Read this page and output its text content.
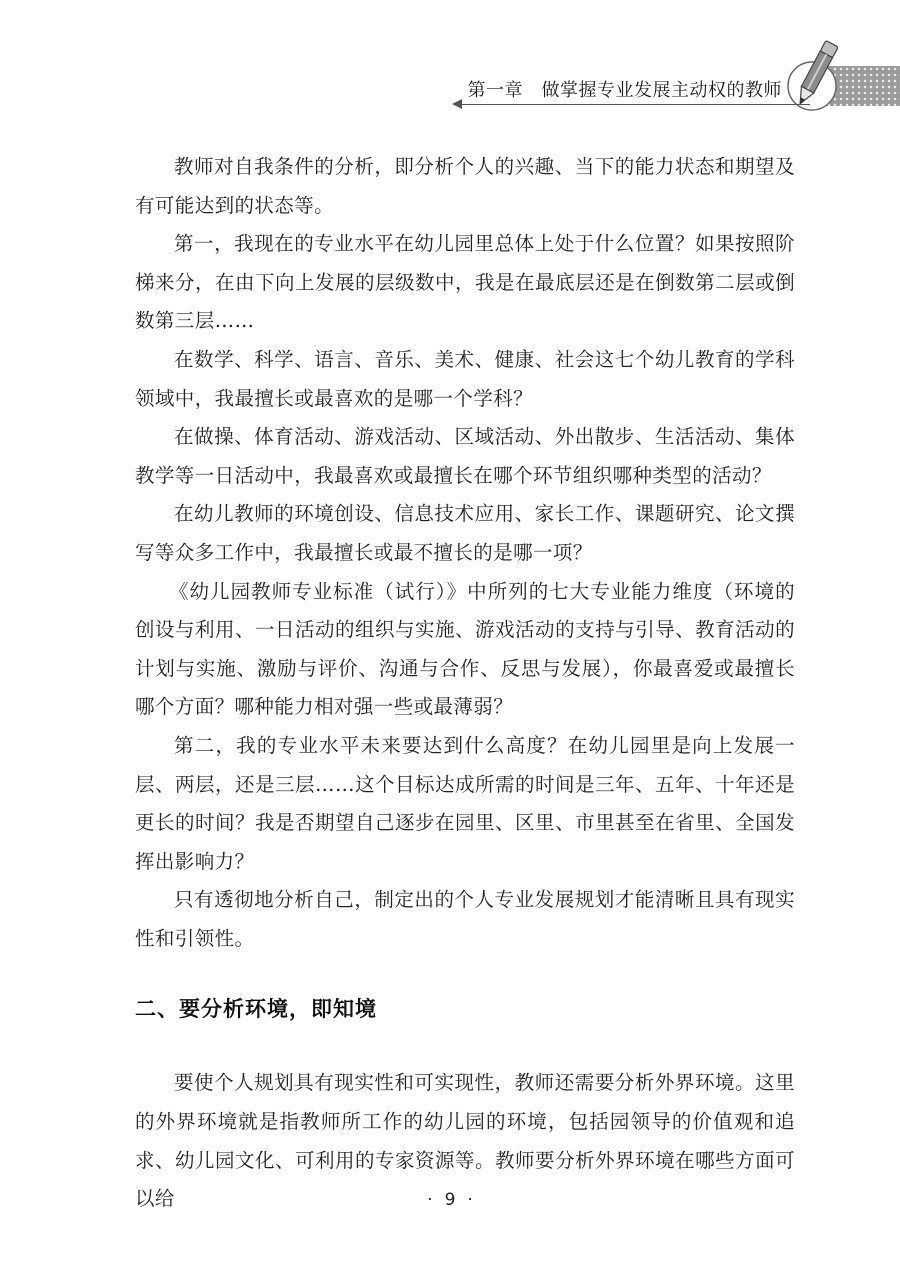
第一章　做掌握专业发展主动权的教师

教师对自我条件的分析，即分析个人的兴趣、当下的能力状态和期望及有可能达到的状态等。

第一，我现在的专业水平在幼儿园里总体上处于什么位置？如果按照阶梯来分，在由下向上发展的层级数中，我是在最底层还是在倒数第二层或倒数第三层……

在数学、科学、语言、音乐、美术、健康、社会这七个幼儿教育的学科领域中，我最擅长或最喜欢的是哪一个学科？

在做操、体育活动、游戏活动、区域活动、外出散步、生活活动、集体教学等一日活动中，我最喜欢或最擅长在哪个环节组织哪种类型的活动？

在幼儿教师的环境创设、信息技术应用、家长工作、课题研究、论文撰写等众多工作中，我最擅长或最不擅长的是哪一项？

《幼儿园教师专业标准（试行）》中所列的七大专业能力维度（环境的创设与利用、一日活动的组织与实施、游戏活动的支持与引导、教育活动的计划与实施、激励与评价、沟通与合作、反思与发展），你最喜爱或最擅长哪个方面？哪种能力相对强一些或最薄弱？

第二，我的专业水平未来要达到什么高度？在幼儿园里是向上发展一层、两层，还是三层……这个目标达成所需的时间是三年、五年、十年还是更长的时间？我是否期望自己逐步在园里、区里、市里甚至在省里、全国发挥出影响力？

只有透彻地分析自己，制定出的个人专业发展规划才能清晰且具有现实性和引领性。

二、要分析环境，即知境

要使个人规划具有现实性和可实现性，教师还需要分析外界环境。这里的外界环境就是指教师所工作的幼儿园的环境，包括园领导的价值观和追求、幼儿园文化、可利用的专家资源等。教师要分析外界环境在哪些方面可以给	· 9 ·
